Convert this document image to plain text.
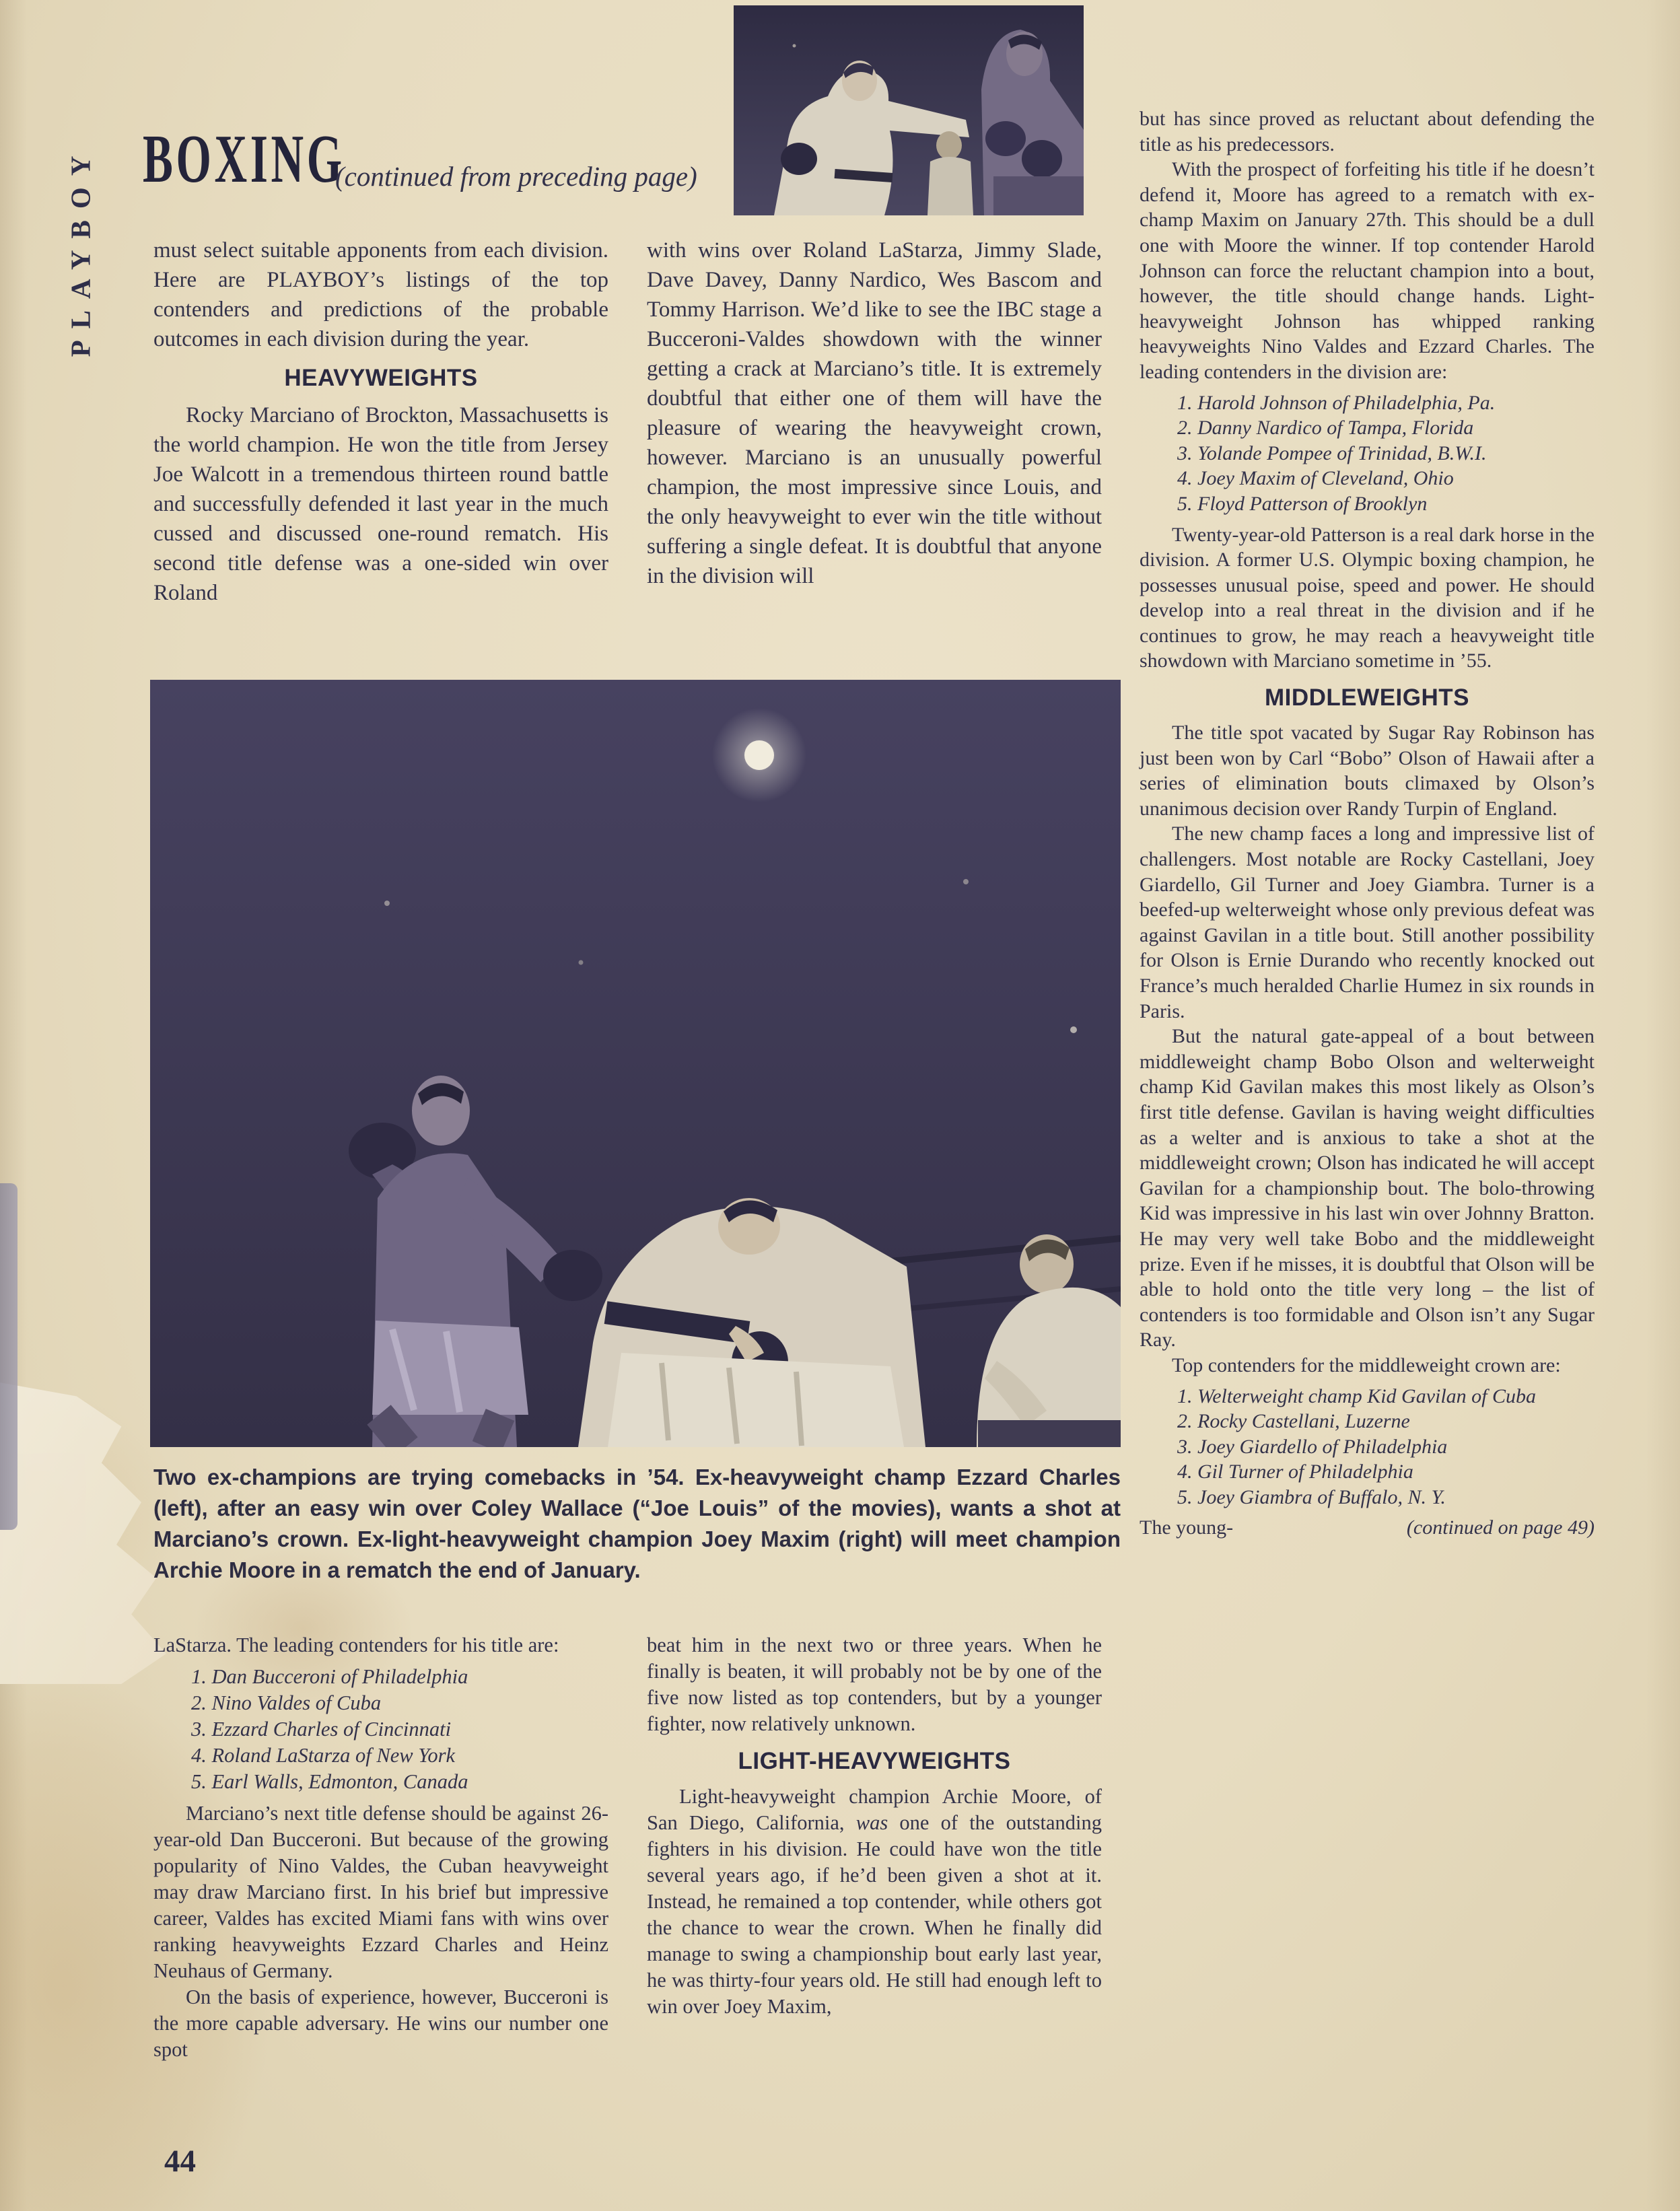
PLAYBOY BOXING
(continued from preceding page)

must select suitable apponents from each division. Here are PLAYBOY’s listings of the top contenders and predictions of the probable outcomes in each division during the year.

HEAVYWEIGHTS

Rocky Marciano of Brockton, Massachusetts is the world champion. He won the title from Jersey Joe Walcott in a tremendous thirteen round battle and successfully defended it last year in the much cussed and discussed one-round rematch. His second title defense was a one-sided win over Roland

with wins over Roland LaStarza, Jimmy Slade, Dave Davey, Danny Nardico, Wes Bascom and Tommy Harrison. We’d like to see the IBC stage a Bucceroni-Valdes showdown with the winner getting a crack at Marciano’s title. It is extremely doubtful that either one of them will have the pleasure of wearing the heavyweight crown, however. Marciano is an unusually powerful champion, the most impressive since Louis, and the only heavyweight to ever win the title without suffering a single defeat. It is doubtful that anyone in the division will

but has since proved as reluctant about defending the title as his predecessors.

With the prospect of forfeiting his title if he doesn’t defend it, Moore has agreed to a rematch with ex-champ Maxim on January 27th. This should be a dull one with Moore the winner. If top contender Harold Johnson can force the reluctant champion into a bout, however, the title should change hands. Light-heavyweight Johnson has whipped ranking heavyweights Nino Valdes and Ezzard Charles. The leading contenders in the division are:

1. Harold Johnson of Philadelphia, Pa.
2. Danny Nardico of Tampa, Florida
3. Yolande Pompee of Trinidad, B.W.I.
4. Joey Maxim of Cleveland, Ohio
5. Floyd Patterson of Brooklyn

Twenty-year-old Patterson is a real dark horse in the division. A former U.S. Olympic boxing champion, he possesses unusual poise, speed and power. He should develop into a real threat in the division and if he continues to grow, he may reach a heavyweight title showdown with Marciano sometime in ’55.

MIDDLEWEIGHTS

The title spot vacated by Sugar Ray Robinson has just been won by Carl “Bobo” Olson of Hawaii after a series of elimination bouts climaxed by Olson’s unanimous decision over Randy Turpin of England.

The new champ faces a long and impressive list of challengers. Most notable are Rocky Castellani, Joey Giardello, Gil Turner and Joey Giambra. Turner is a beefed-up welterweight whose only previous defeat was against Gavilan in a title bout. Still another possibility for Olson is Ernie Durando who recently knocked out France’s much heralded Charlie Humez in six rounds in Paris.

But the natural gate-appeal of a bout between middleweight champ Bobo Olson and welterweight champ Kid Gavilan makes this most likely as Olson’s first title defense. Gavilan is having weight difficulties as a welter and is anxious to take a shot at the middleweight crown; Olson has indicated he will accept Gavilan for a championship bout. The bolo-throwing Kid was impressive in his last win over Johnny Bratton. He may very well take Bobo and the middleweight prize. Even if he misses, it is doubtful that Olson will be able to hold onto the title very long – the list of contenders is too formidable and Olson isn’t any Sugar Ray.

Top contenders for the middleweight crown are:

1. Welterweight champ Kid Gavilan of Cuba
2. Rocky Castellani, Luzerne
3. Joey Giardello of Philadelphia
4. Gil Turner of Philadelphia
5. Joey Giambra of Buffalo, N. Y.

The young-	(continued on page 49)

Two ex-champions are trying comebacks in ’54. Ex-heavyweight champ Ezzard Charles (left), after an easy win over Coley Wallace (“Joe Louis” of the movies), wants a shot at Marciano’s crown. Ex-light-heavyweight champion Joey Maxim (right) will meet champion Archie Moore in a rematch the end of January.

LaStarza. The leading contenders for his title are:

1. Dan Bucceroni of Philadelphia
2. Nino Valdes of Cuba
3. Ezzard Charles of Cincinnati
4. Roland LaStarza of New York
5. Earl Walls, Edmonton, Canada

Marciano’s next title defense should be against 26-year-old Dan Bucceroni. But because of the growing popularity of Nino Valdes, the Cuban heavyweight may draw Marciano first. In his brief but impressive career, Valdes has excited Miami fans with wins over ranking heavyweights Ezzard Charles and Heinz Neuhaus of Germany.

On the basis of experience, however, Bucceroni is the more capable adversary. He wins our number one spot

beat him in the next two or three years. When he finally is beaten, it will probably not be by one of the five now listed as top contenders, but by a younger fighter, now relatively unknown.

LIGHT-HEAVYWEIGHTS

Light-heavyweight champion Archie Moore, of San Diego, California, was one of the outstanding fighters in his division. He could have won the title several years ago, if he’d been given a shot at it. Instead, he remained a top contender, while others got the chance to wear the crown. When he finally did manage to swing a championship bout early last year, he was thirty-four years old. He still had enough left to win over Joey Maxim,

44
